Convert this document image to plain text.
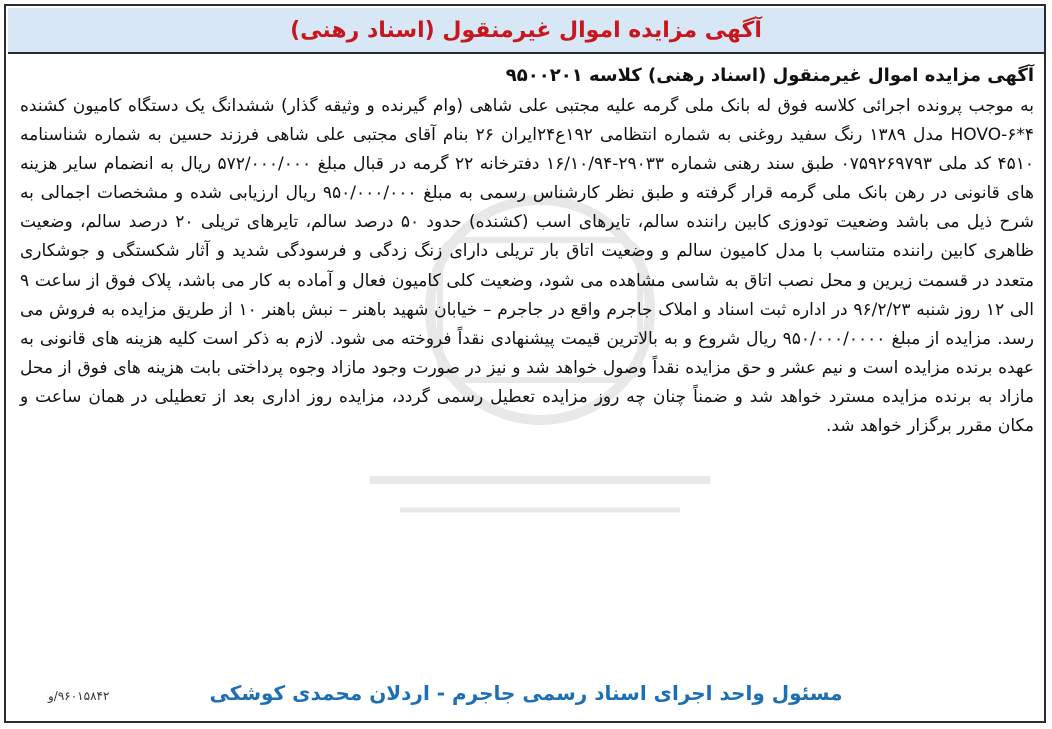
آگهی مزایده اموال غیرمنقول (اسناد رهنی)
آگهی مزایده اموال غیرمنقول (اسناد رهنی) کلاسه ۹۵۰۰۲۰۱

به موجب پرونده اجرائی کلاسه فوق له بانک ملی گرمه علیه مجتبی علی شاهی (وام گیرنده و وثیقه گذار) ششدانگ یک دستگاه کامیون کشنده ۴*۶-HOVO مدل ۱۳۸۹ رنگ سفید روغنی به شماره انتظامی ۱۹۲ع۲۴ایران ۲۶ بنام آقای مجتبی علی شاهی فرزند حسین به شماره شناسنامه ۴۵۱۰ کد ملی ۰۷۵۹۲۶۹۷۹۳ طبق سند رهنی شماره ۲۹۰۳۳-۱۶/۱۰/۹۴ دفترخانه ۲۲ گرمه در قبال مبلغ ۵۷۲/۰۰۰/۰۰۰ ریال به انضمام سایر هزینه های قانونی در رهن بانک ملی گرمه قرار گرفته و طبق نظر کارشناس رسمی به مبلغ ۹۵۰/۰۰۰/۰۰۰ ریال ارزیابی شده و مشخصات اجمالی به شرح ذیل می باشد وضعیت تودوزی کابین راننده سالم، تایرهای اسب (کشنده) حدود ۵۰ درصد سالم، تایرهای تریلی ۲۰ درصد سالم، وضعیت ظاهری کابین راننده متناسب با مدل کامیون سالم و وضعیت اتاق بار تریلی دارای زنگ زدگی و فرسودگی شدید و آثار شکستگی و جوشکاری متعدد در قسمت زیرین و محل نصب اتاق به شاسی مشاهده می شود، وضعیت کلی کامیون فعال و آماده به کار می باشد، پلاک فوق از ساعت ۹ الی ۱۲ روز شنبه ۹۶/۲/۲۳ در اداره ثبت اسناد و املاک جاجرم واقع در جاجرم – خیابان شهید باهنر – نبش باهنر ۱۰ از طریق مزایده به فروش می رسد. مزایده از مبلغ ۹۵۰/۰۰۰/۰۰۰۰ ریال شروع و به بالاترین قیمت پیشنهادی نقداً فروخته می شود. لازم به ذکر است کلیه هزینه های قانونی به عهده برنده مزایده است و نیم عشر و حق مزایده نقداً وصول خواهد شد و نیز در صورت وجود مازاد وجوه پرداختی بابت هزینه های فوق از محل مازاد به برنده مزایده مسترد خواهد شد و ضمناً چنان چه روز مزایده تعطیل رسمی گردد، مزایده روز اداری بعد از تعطیلی در همان ساعت و مکان مقرر برگزار خواهد شد.

مسئول واحد اجرای اسناد رسمی جاجرم - اردلان محمدی کوشکی
۹۶۰۱۵۸۴۲/و
